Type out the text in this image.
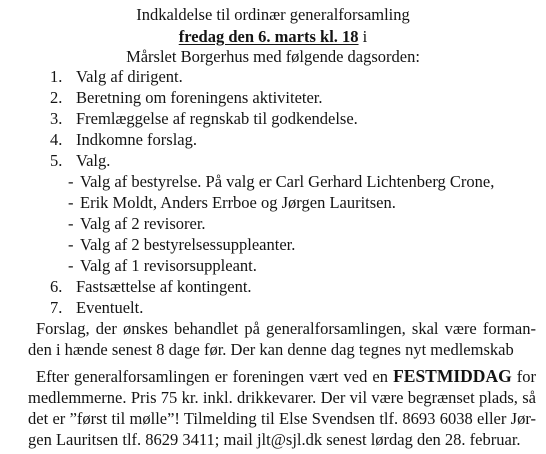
Indkaldelse til ordinær generalforsamling
fredag den 6. marts kl. 18 i
Mårslet Borgerhus med følgende dagsorden:
1. Valg af dirigent.
2. Beretning om foreningens aktiviteter.
3. Fremlæggelse af regnskab til godkendelse.
4. Indkomne forslag.
5. Valg.
- Valg af bestyrelse. På valg er Carl Gerhard Lichtenberg Crone,
- Erik Moldt, Anders Errboe og Jørgen Lauritsen.
- Valg af 2 revisorer.
- Valg af 2 bestyrelsessuppleanter.
- Valg af 1 revisorsuppleant.
6. Fastsættelse af kontingent.
7. Eventuelt.
Forslag, der ønskes behandlet på generalforsamlingen, skal være forman-
den i hænde senest 8 dage før. Der kan denne dag tegnes nyt medlemskab
Efter generalforsamlingen er foreningen vært ved en FESTMIDDAG for
medlemmerne. Pris 75 kr. inkl. drikkevarer. Der vil være begrænset plads, så
det er ”først til mølle”! Tilmelding til Else Svendsen tlf. 8693 6038 eller Jør-
gen Lauritsen tlf. 8629 3411; mail jlt@sjl.dk senest lørdag den 28. februar.
